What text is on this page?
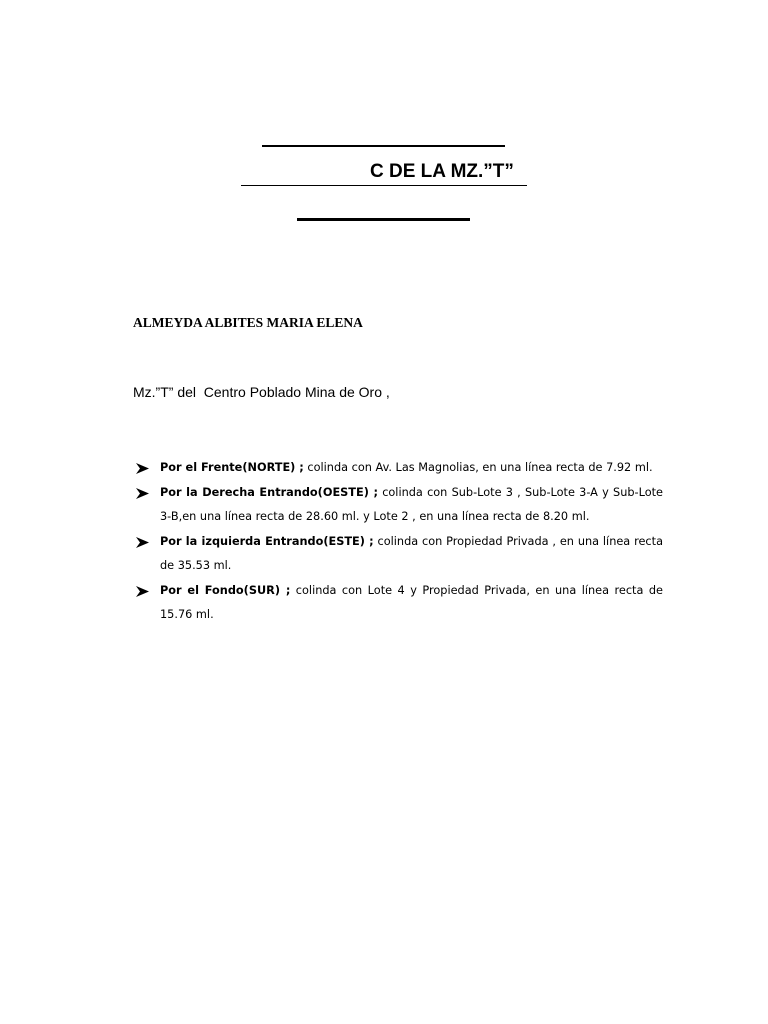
C DE LA MZ.”T”
ALMEYDA ALBITES MARIA ELENA
Mz.”T” del  Centro Poblado Mina de Oro ,
Por el Frente(NORTE) ; colinda con Av. Las Magnolias, en una línea recta de 7.92 ml.
Por la Derecha Entrando(OESTE) ; colinda con Sub-Lote 3 , Sub-Lote 3-A y Sub-Lote 3-B,en una línea recta de 28.60 ml. y Lote 2 , en una línea recta de 8.20 ml.
Por la izquierda Entrando(ESTE) ; colinda con Propiedad Privada , en una línea recta de 35.53 ml.
Por el Fondo(SUR) ; colinda con Lote 4 y Propiedad Privada, en una línea recta de 15.76 ml.
